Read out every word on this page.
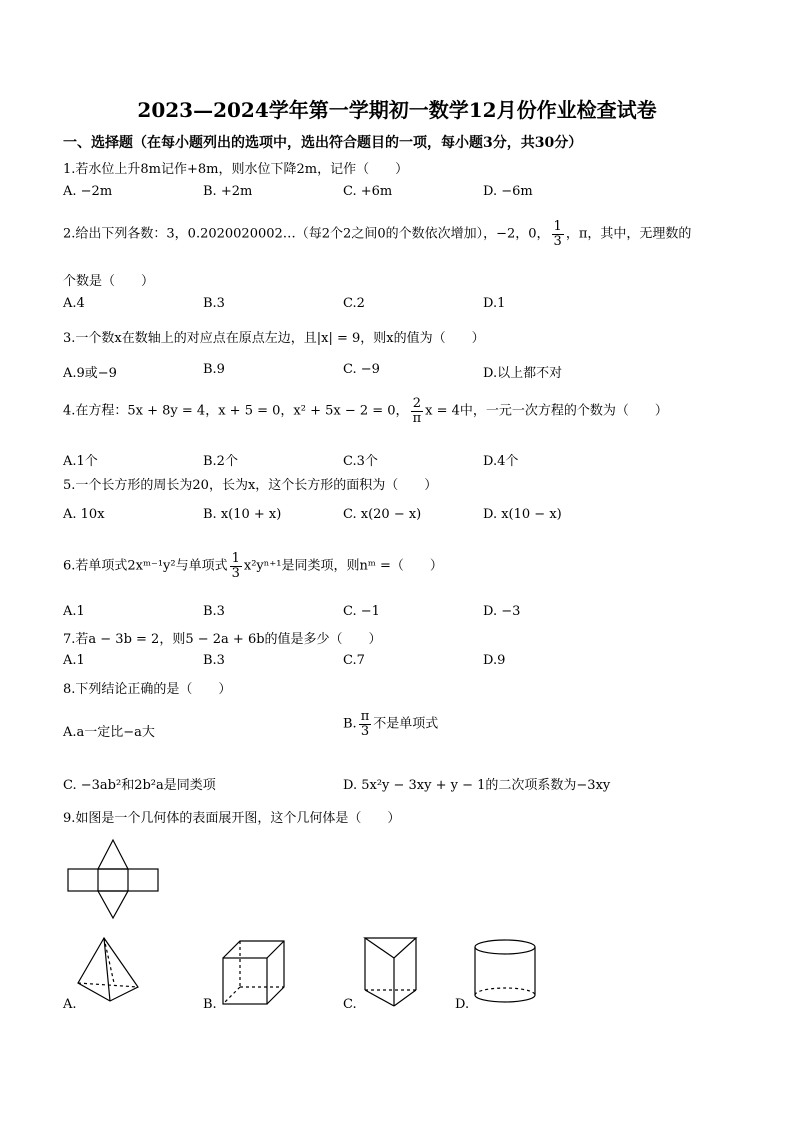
2023—2024学年第一学期初一数学12月份作业检查试卷
一、选择题（在每小题列出的选项中，选出符合题目的一项，每小题3分，共30分）
1.若水位上升8m记作+8m，则水位下降2m，记作（　　）
A. −2m	B. +2m	C. +6m	D. −6m
2.给出下列各数：3，0.2020020002…（每2个2之间0的个数依次增加），−2，0， $\frac{1}{3}$ ，π，其中，无理数的
个数是（　　）
A.4	B.3	C.2	D.1
3.一个数x在数轴上的对应点在原点左边，且|x| = 9，则x的值为（　　）
A.9或−9	B.9	C. −9	D.以上都不对
4.在方程：5x + 8y = 4，x + 5 = 0，x² + 5x − 2 = 0， $\frac{2}{\pi}$ x = 4中，一元一次方程的个数为（　　）
A.1个	B.2个	C.3个	D.4个
5.一个长方形的周长为20，长为x，这个长方形的面积为（　　）
A. 10x	B. x(10 + x)	C. x(20 − x)	D. x(10 − x)
6.若单项式2xᵐ⁻¹y²与单项式 $\frac{1}{3} x^2y^{n+1}$是同类项，则nᵐ =（　　）
A.1	B.3	C. −1	D. −3
7.若a − 3b = 2，则5 − 2a + 6b的值是多少（　　）
A.1	B.3	C.7	D.9
8.下列结论正确的是（　　）
A.a一定比−a大
B. $\frac{\pi}{3}$ 不是单项式
C. −3ab²和2b²a是同类项	D. 5x²y − 3xy + y − 1的二次项系数为−3xy
9.如图是一个几何体的表面展开图，这个几何体是（　　）
A.	B.	C.	D.
